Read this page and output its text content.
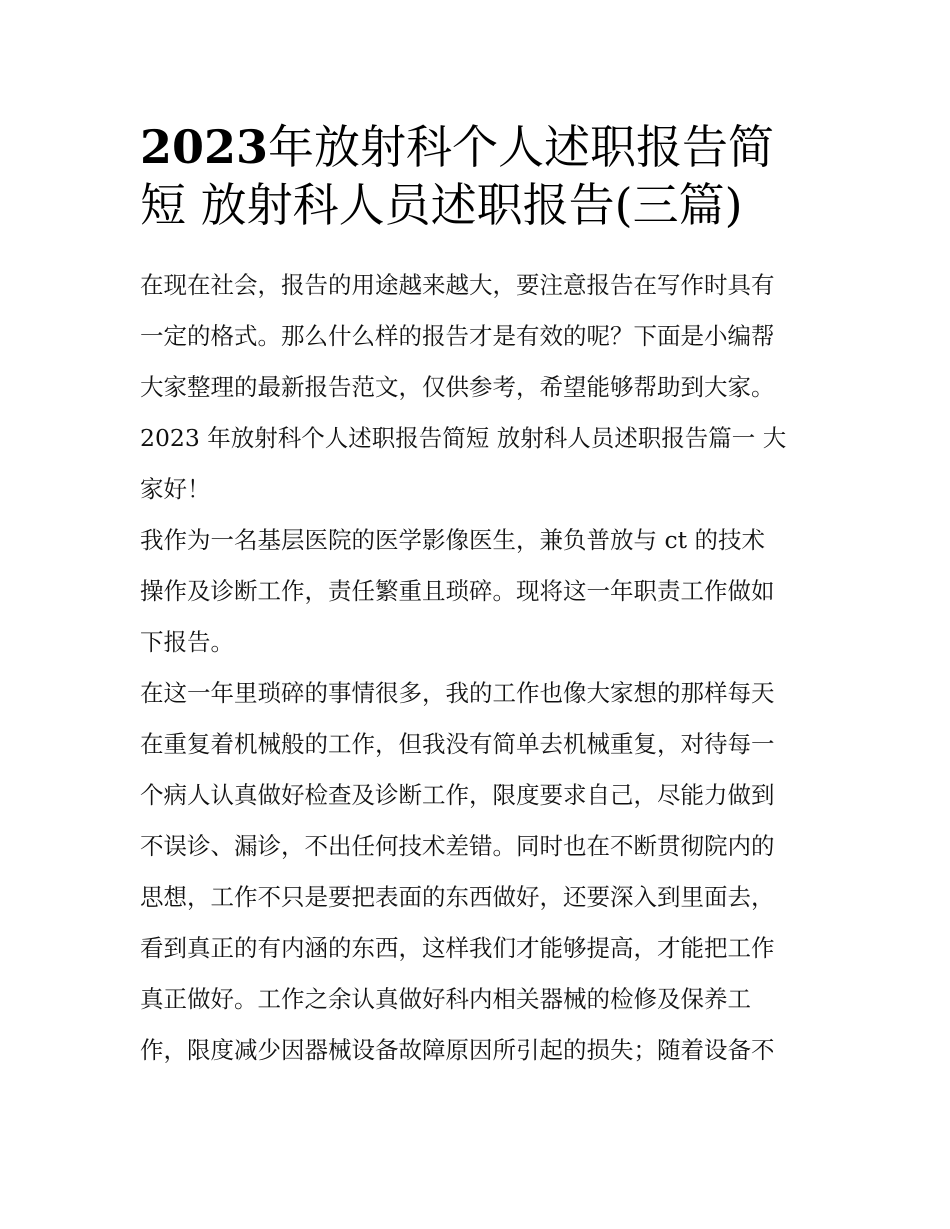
2023年放射科个人述职报告简
短 放射科人员述职报告(三篇)
在现在社会，报告的用途越来越大，要注意报告在写作时具有
一定的格式。那么什么样的报告才是有效的呢？下面是小编帮
大家整理的最新报告范文，仅供参考，希望能够帮助到大家。
2023 年放射科个人述职报告简短 放射科人员述职报告篇一 大
家好！
我作为一名基层医院的医学影像医生，兼负普放与 ct 的技术
操作及诊断工作，责任繁重且琐碎。现将这一年职责工作做如
下报告。
在这一年里琐碎的事情很多，我的工作也像大家想的那样每天
在重复着机械般的工作，但我没有简单去机械重复，对待每一
个病人认真做好检查及诊断工作，限度要求自己，尽能力做到
不误诊、漏诊，不出任何技术差错。同时也在不断贯彻院内的
思想，工作不只是要把表面的东西做好，还要深入到里面去，
看到真正的有内涵的东西，这样我们才能够提高，才能把工作
真正做好。工作之余认真做好科内相关器械的检修及保养工
作，限度减少因器械设备故障原因所引起的损失；随着设备不
